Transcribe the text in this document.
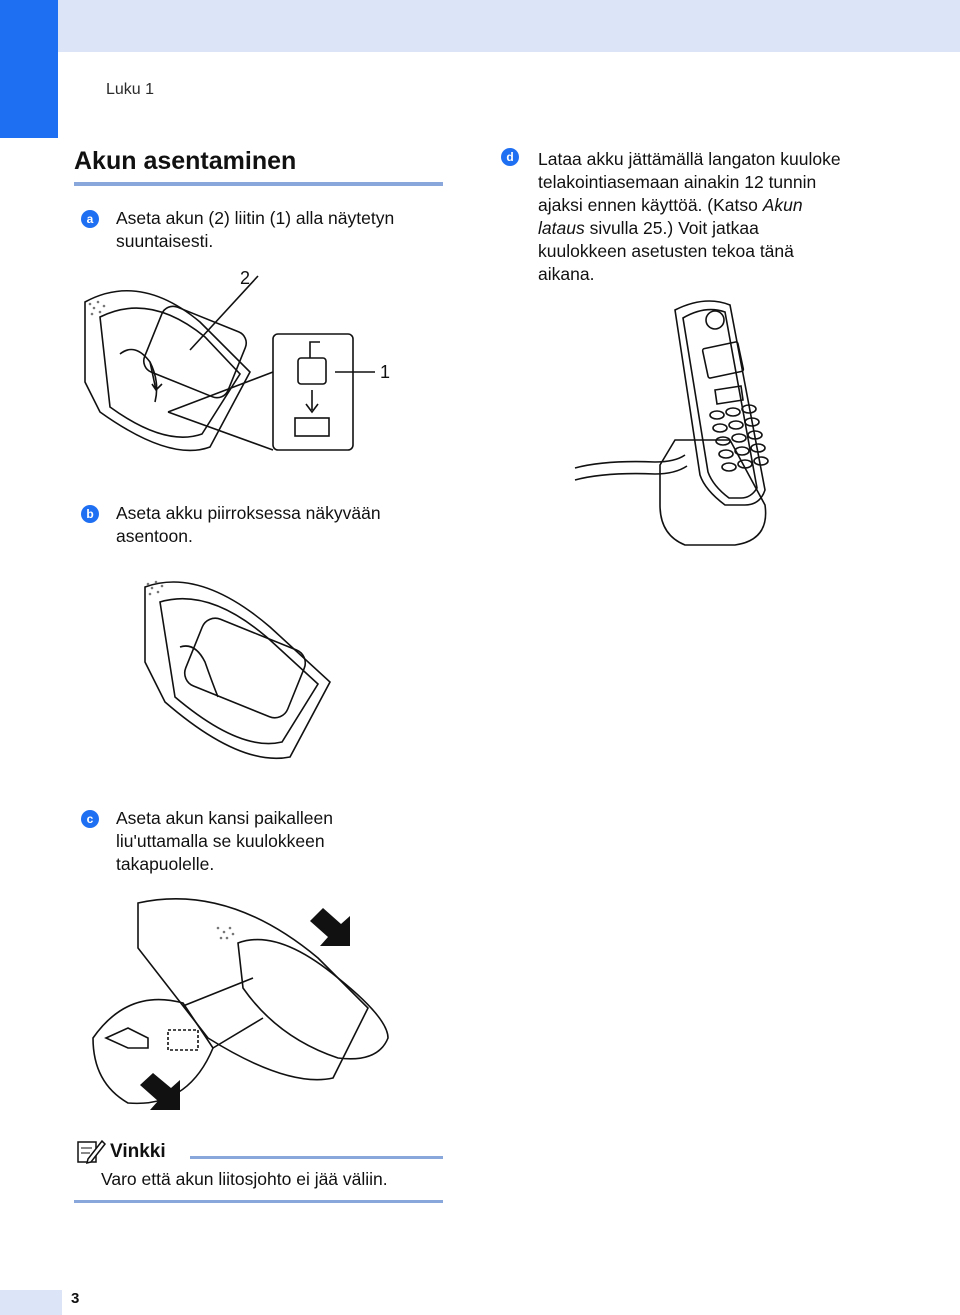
Luku 1
Akun asentaminen
a	Aseta akun (2) liitin (1) alla näytetyn
suuntaisesti.
2
1
b	Aseta akku piirroksessa näkyvään
asentoon.
c	Aseta akun kansi paikalleen
liu'uttamalla se kuulokkeen
takapuolelle.
Vinkki
Varo että akun liitosjohto ei jää väliin.
d	Lataa akku jättämällä langaton kuuloke
telakointiasemaan ainakin 12 tunnin
ajaksi ennen käyttöä. (Katso Akun
lataus sivulla 25.) Voit jatkaa
kuulokkeen asetusten tekoa tänä
aikana.
3
